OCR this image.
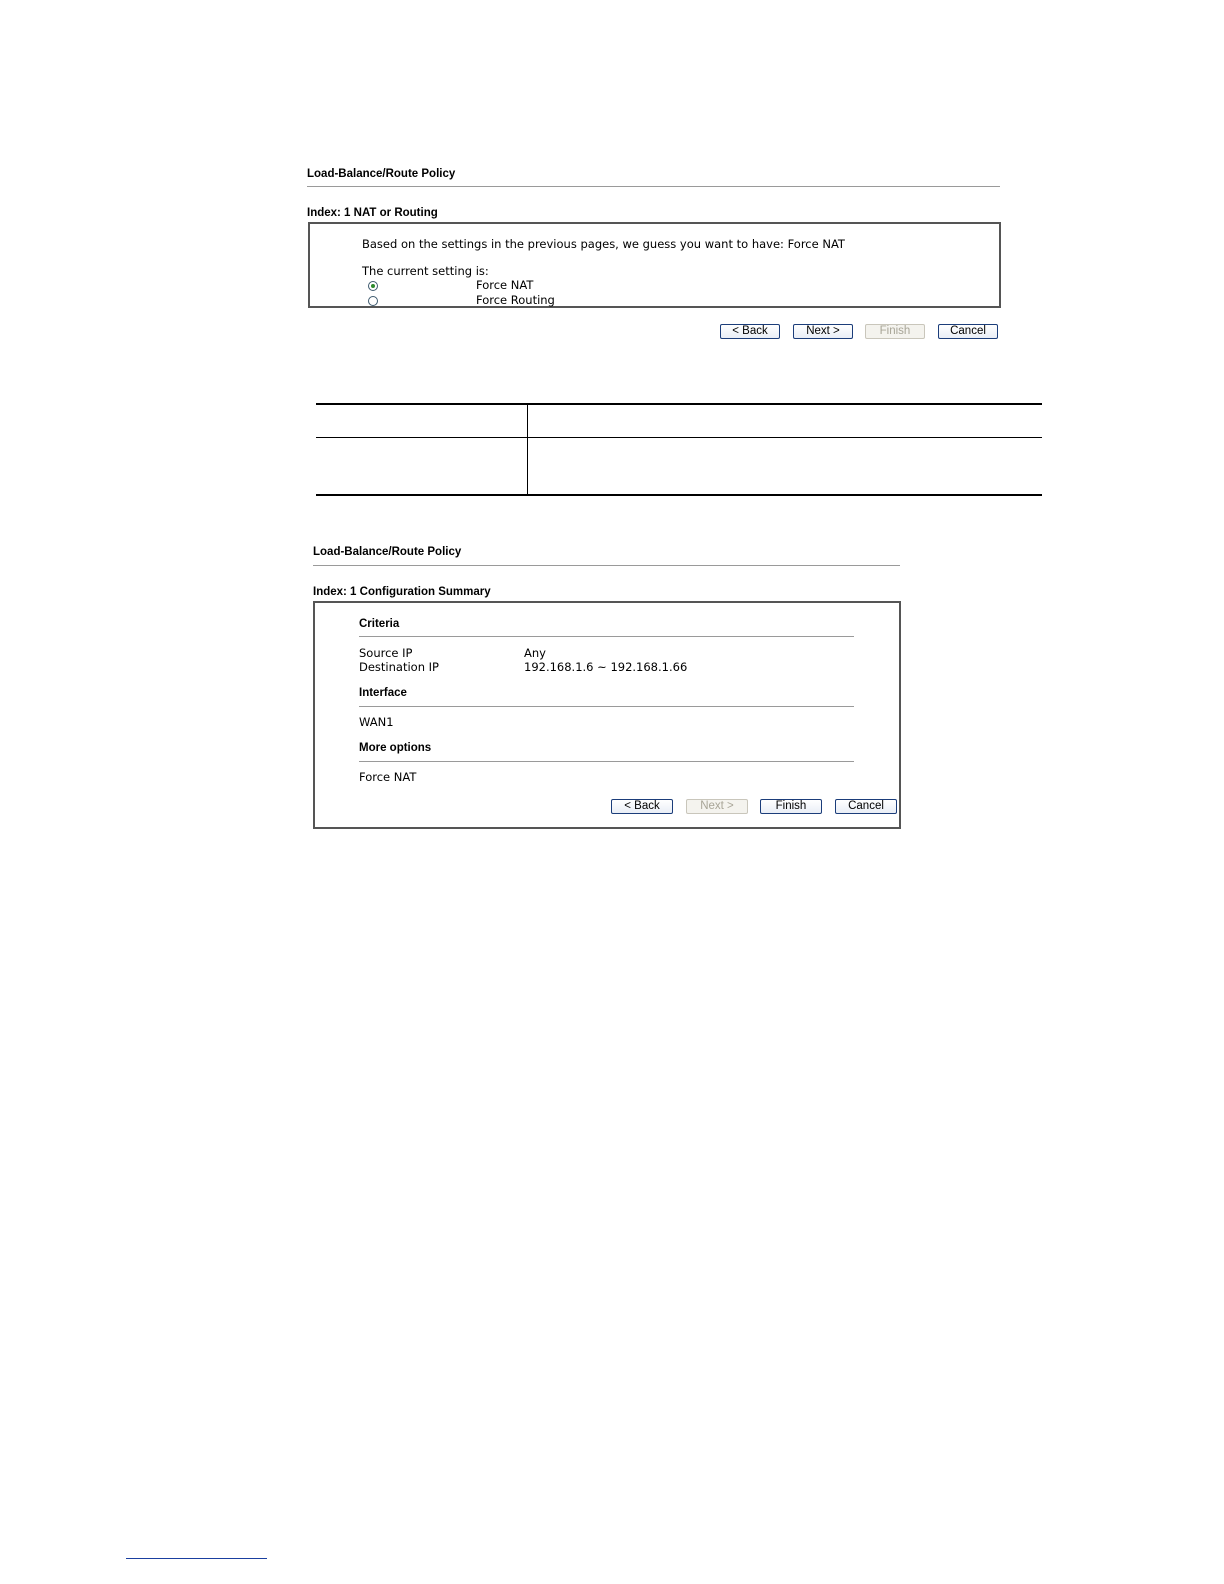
Load-Balance/Route Policy
Index: 1 NAT or Routing
Based on the settings in the previous pages, we guess you want to have: Force NAT
The current setting is:
Force NAT
Force Routing
< Back	Next >	Finish	Cancel
Load-Balance/Route Policy
Index: 1 Configuration Summary
Criteria
Source IP	Any
Destination IP	192.168.1.6 ~ 192.168.1.66
Interface
WAN1
More options
Force NAT
< Back	Next >	Finish	Cancel
